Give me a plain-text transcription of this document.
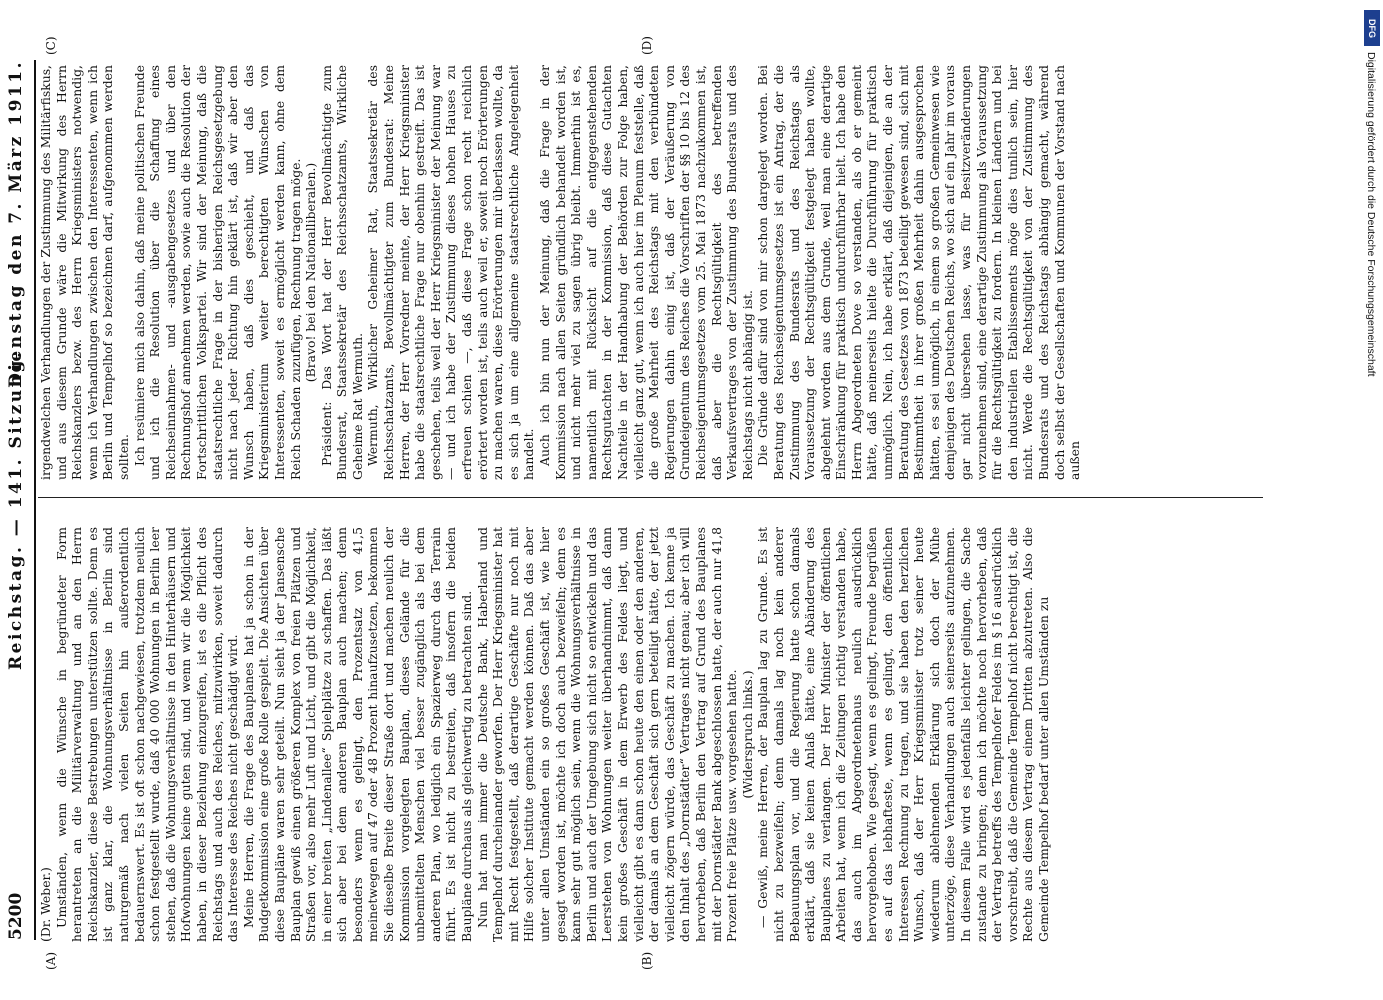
5200
Reichstag. — 141. Sitzung.
Dienstag den 7. März 1911.
(A)	(B)
(C)	(D)

(Dr. Weber.) Umständen, wenn die Wünsche in begründeter Form herantreten an die Militärverwaltung und an den Herrn Reichskanzler, diese Bestrebungen unterstützen sollte. Denn es ist ganz klar, die Wohnungsverhältnisse in Berlin sind naturgemäß nach vielen Seiten hin außerordentlich bedauernswert. Es ist oft schon nachgewiesen, trotzdem neulich schon festgestellt wurde, daß 40 000 Wohnungen in Berlin leer stehen, daß die Wohnungsverhältnisse in den Hinterhäusern und Hofwohnungen keine guten sind, und wenn wir die Möglichkeit haben, in dieser Beziehung einzugreifen, ist es die Pflicht des Reichstags und auch des Reiches, mitzuwirken, soweit dadurch das Interesse des Reiches nicht geschädigt wird. Meine Herren, die Frage des Bauplanes hat ja schon in der Budgetkommission eine große Rolle gespielt. Die Ansichten über diese Baupläne waren sehr geteilt. Nun sieht ja der Jansensche Bauplan gewiß einen größeren Komplex von freien Plätzen und Straßen vor, also mehr Luft und Licht, und gibt die Möglichkeit, in einer breiten „Lindenallee“ Spielplätze zu schaffen. Das läßt sich aber bei dem anderen Bauplan auch machen; denn besonders wenn es gelingt, den Prozentsatz von 41,5 meinetwegen auf 47 oder 48 Prozent hinaufzusetzen, bekommen Sie dieselbe Breite dieser Straße dort und machen neulich der Kommission vorgelegten Bauplan, dieses Gelände für die unbemittelten Menschen viel besser zugänglich als bei dem anderen Plan, wo lediglich ein Spazierweg durch das Terrain führt. Es ist nicht zu bestreiten, daß insofern die beiden Baupläne durchaus als gleichwertig zu betrachten sind. Nun hat man immer die Deutsche Bank, Haberland und Tempelhof durcheinander geworfen. Der Herr Kriegsminister hat mit Recht festgestellt, daß derartige Geschäfte nur noch mit Hilfe solcher Institute gemacht werden können. Daß das aber unter allen Umständen ein so großes Geschäft ist, wie hier gesagt worden ist, möchte ich doch auch bezweifeln; denn es kann sehr gut möglich sein, wenn die Wohnungsverhältnisse in Berlin und auch der Umgebung sich nicht so entwickeln und das Leerstehen von Wohnungen weiter überhandnimmt, daß dann kein großes Geschäft in dem Erwerb des Feldes liegt, und vielleicht gibt es dann schon heute den einen oder den anderen, der damals an dem Geschäft sich gern beteiligt hätte, der jetzt vielleicht zögern würde, das Geschäft zu machen. Ich kenne ja den Inhalt des „Dornstädter“ Vertrages nicht genau; aber ich will hervorheben, daß Berlin den Vertrag auf Grund des Bauplanes mit der Dornstädter Bank abgeschlossen hatte, der auch nur 41,8 Prozent freie Plätze usw. vorgesehen hatte. (Widerspruch links.) — Gewiß, meine Herren, der Bauplan lag zu Grunde. Es ist nicht zu bezweifeln; denn damals lag noch kein anderer Bebauungsplan vor, und die Regierung hatte schon damals erklärt, daß sie keinen Anlaß hätte, eine Abänderung des Bauplanes zu verlangen. Der Herr Minister der öffentlichen Arbeiten hat, wenn ich die Zeitungen richtig verstanden habe, das auch im Abgeordnetenhaus neulich ausdrücklich hervorgehoben. Wie gesagt, wenn es gelingt, Freunde begrüßen es auf das lebhafteste, wenn es gelingt, den öffentlichen Interessen Rechnung zu tragen, und sie haben den herzlichen Wunsch, daß der Herr Kriegsminister trotz seiner heute wiederum ablehnenden Erklärung sich doch der Mühe unterzöge, diese Verhandlungen auch seinerseits aufzunehmen. In diesem Falle wird es jedenfalls leichter gelingen, die Sache zustande zu bringen; denn ich möchte noch hervorheben, daß der Vertrag betreffs des Tempelhofer Feldes im § 16 ausdrücklich vorschreibt, daß die Gemeinde Tempelhof nicht berechtigt ist, die Rechte aus diesem Vertrag einem Dritten abzutreten. Also die Gemeinde Tempelhof bedarf unter allen Umständen zu

irgendwelchen Verhandlungen der Zustimmung des Militärfiskus, und aus diesem Grunde wäre die Mitwirkung des Herrn Reichskanzlers bezw. des Herrn Kriegsministers notwendig, wenn ich Verhandlungen zwischen den Interessenten, wenn ich Berlin und Tempelhof so bezeichnen darf, aufgenommen werden sollten. Ich resümiere mich also dahin, daß meine politischen Freunde und ich die Resolution über die Schaffung eines Reichseinnahmen- und -ausgabengesetzes und über den Rechnungshof annehmen werden, sowie auch die Resolution der Fortschrittlichen Volkspartei. Wir sind der Meinung, daß die staatsrechtliche Frage in der bisherigen Reichsgesetzgebung nicht nach jeder Richtung hin geklärt ist, daß wir aber den Wunsch haben, daß dies geschieht, und daß das Kriegsministerium weiter berechtigten Wünschen von Interessenten, soweit es ermöglicht werden kann, ohne dem Reich Schaden zuzufügen, Rechnung tragen möge. (Bravo! bei den Nationalliberalen.) Präsident: Das Wort hat der Herr Bevollmächtigte zum Bundesrat, Staatssekretär des Reichsschatzamts, Wirkliche Geheime Rat Wermuth. Wermuth, Wirklicher Geheimer Rat, Staatssekretär des Reichsschatzamts, Bevollmächtigter zum Bundesrat: Meine Herren, der Herr Vorredner meinte, der Herr Kriegsminister habe die staatsrechtliche Frage nur obenhin gestreift. Das ist geschehen, teils weil der Herr Kriegsminister der Meinung war — und ich habe der Zustimmung dieses hohen Hauses zu erfreuen schien —, daß diese Frage schon recht reichlich erörtert worden ist, teils auch weil er, soweit noch Erörterungen zu machen waren, diese Erörterungen mir überlassen wollte, da es sich ja um eine allgemeine staatsrechtliche Angelegenheit handelt. Auch ich bin nun der Meinung, daß die Frage in der Kommission nach allen Seiten gründlich behandelt worden ist, und nicht mehr viel zu sagen übrig bleibt. Immerhin ist es, namentlich mit Rücksicht auf die entgegenstehenden Rechtsgutachten in der Kommission, daß diese Gutachten Nachteile in der Handhabung der Behörden zur Folge haben, vielleicht ganz gut, wenn ich auch hier im Plenum feststelle, daß die große Mehrheit des Reichstags mit den verbündeten Regierungen dahin einig ist, daß der Veräußerung von Grundeigentum des Reiches die Vorschriften der §§ 10 bis 12 des Reichseigentumsgesetzes vom 25. Mai 1873 nachzukommen ist, daß aber die Rechtsgültigkeit des betreffenden Verkaufsvertrages von der Zustimmung des Bundesrats und des Reichstags nicht abhängig ist. Die Gründe dafür sind von mir schon dargelegt worden. Bei Beratung des Reichseigentumsgesetzes ist ein Antrag, der die Zustimmung des Bundesrats und des Reichstags als Voraussetzung der Rechtsgültigkeit festgelegt haben wollte, abgelehnt worden aus dem Grunde, weil man eine derartige Einschränkung für praktisch undurchführbar hielt. Ich habe den Herrn Abgeordneten Dove so verstanden, als ob er gemeint hätte, daß meinerseits hielte die Durchführung für praktisch unmöglich. Nein, ich habe erklärt, daß diejenigen, die an der Beratung des Gesetzes von 1873 beteiligt gewesen sind, sich mit Bestimmtheit in ihrer großen Mehrheit dahin ausgesprochen hätten, es sei unmöglich, in einem so großen Gemeinwesen wie demjenigen des Deutschen Reichs, wo sich auf ein Jahr im voraus gar nicht übersehen lasse, was für Besitzveränderungen vorzunehmen sind, eine derartige Zustimmung als Voraussetzung für die Rechtsgültigkeit zu fordern. In kleinen Ländern und bei den industriellen Etablissements möge dies tunlich sein, hier nicht. Werde die Rechtsgültigkeit von der Zustimmung des Bundesrats und des Reichstags abhängig gemacht, während doch selbst der Gesellschaften und Kommunen der Vorstand nach außen

DFG
Digitalisierung gefördert durch die Deutsche Forschungsgemeinschaft
